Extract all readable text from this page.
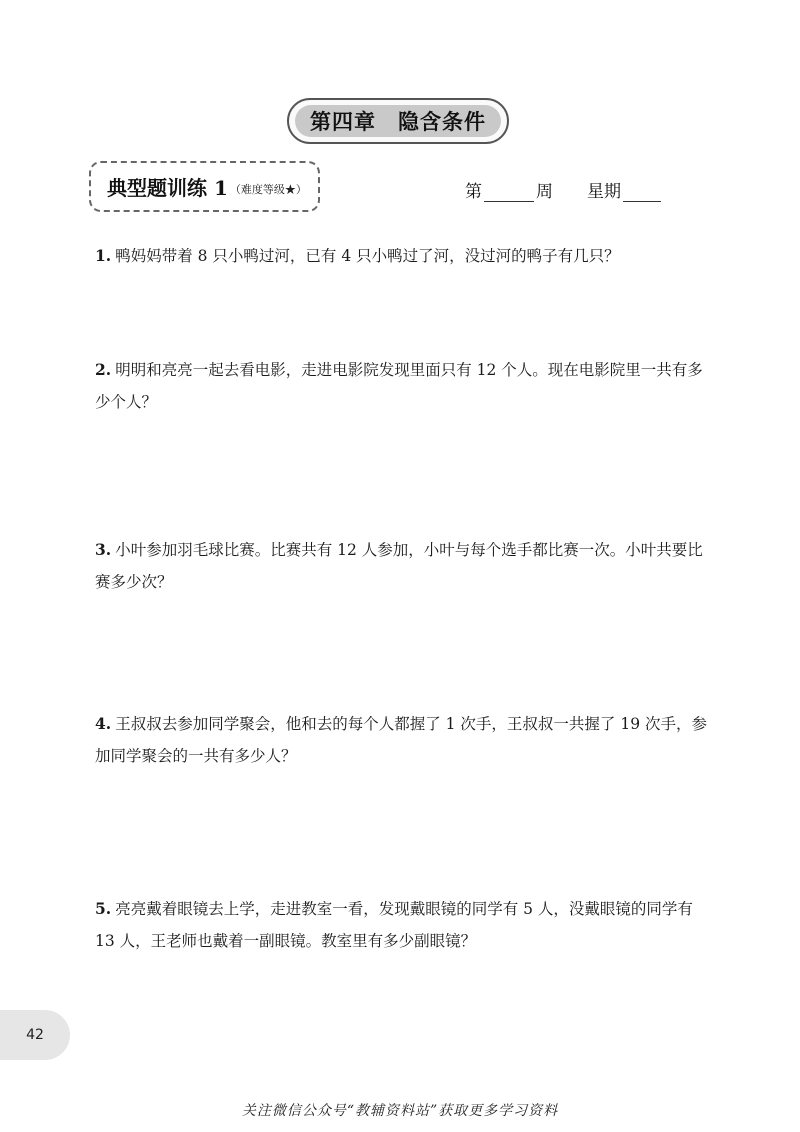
第四章 隐含条件
典型题训练 1 （难度等级★）	第	周 星期
1. 鸭妈妈带着 8 只小鸭过河，已有 4 只小鸭过了河，没过河的鸭子有几只？
2. 明明和亮亮一起去看电影，走进电影院发现里面只有 12 个人。现在电影院里一共有多少个人？
3. 小叶参加羽毛球比赛。比赛共有 12 人参加，小叶与每个选手都比赛一次。小叶共要比赛多少次？
4. 王叔叔去参加同学聚会，他和去的每个人都握了 1 次手，王叔叔一共握了 19 次手，参加同学聚会的一共有多少人？
5. 亮亮戴着眼镜去上学，走进教室一看，发现戴眼镜的同学有 5 人，没戴眼镜的同学有 13 人，王老师也戴着一副眼镜。教室里有多少副眼镜？
42
关注微信公众号“教辅资料站”获取更多学习资料
